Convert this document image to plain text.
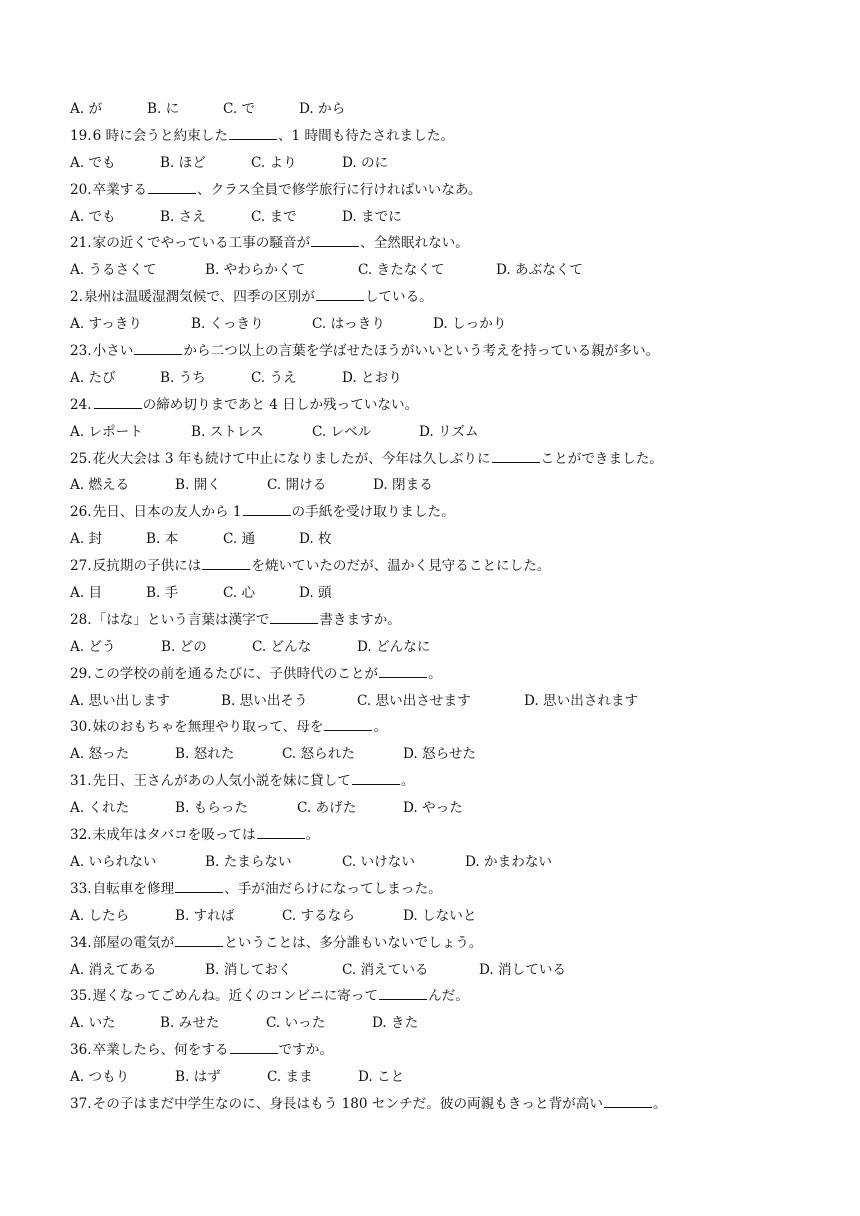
A. が	B. に	C. で	D. から
19.6 時に会うと約束した	、1 時間も待たされました。
A. でも	B. ほど	C. より	D. のに
20.卒業する	、クラス全員で修学旅行に行ければいいなあ。
A. でも	B. さえ	C. まで	D. までに
21.家の近くでやっている工事の騒音が	、全然眠れない。
A. うるさくて	B. やわらかくて	C. きたなくて	D. あぶなくて
2.泉州は温暖湿潤気候で、四季の区別が	している。
A. すっきり	B. くっきり	C. はっきり	D. しっかり
23.小さい	から二つ以上の言葉を学ばせたほうがいいという考えを持っている親が多い。
A. たび	B. うち	C. うえ	D. とおり
24.	の締め切りまであと 4 日しか残っていない。
A. レポート	B. ストレス	C. レベル	D. リズム
25.花火大会は 3 年も続けて中止になりましたが、今年は久しぶりに	ことができました。
A. 燃える	B. 開く	C. 開ける	D. 閉まる
26.先日、日本の友人から 1	の手紙を受け取りました。
A. 封	B. 本	C. 通	D. 枚
27.反抗期の子供には	を焼いていたのだが、温かく見守ることにした。
A. 目	B. 手	C. 心	D. 頭
28.「はな」という言葉は漢字で	書きますか。
A. どう	B. どの	C. どんな	D. どんなに
29.この学校の前を通るたびに、子供時代のことが	。
A. 思い出します	B. 思い出そう	C. 思い出させます	D. 思い出されます
30.妹のおもちゃを無理やり取って、母を	。
A. 怒った	B. 怒れた	C. 怒られた	D. 怒らせた
31.先日、王さんがあの人気小説を妹に貸して	。
A. くれた	B. もらった	C. あげた	D. やった
32.未成年はタバコを吸っては	。
A. いられない	B. たまらない	C. いけない	D. かまわない
33.自転車を修理	、手が油だらけになってしまった。
A. したら	B. すれば	C. するなら	D. しないと
34.部屋の電気が	ということは、多分誰もいないでしょう。
A. 消えてある	B. 消しておく	C. 消えている	D. 消している
35.遅くなってごめんね。近くのコンビニに寄って	んだ。
A. いた	B. みせた	C. いった	D. きた
36.卒業したら、何をする	ですか。
A. つもり	B. はず	C. まま	D. こと
37.その子はまだ中学生なのに、身長はもう 180 センチだ。彼の両親もきっと背が高い	。
